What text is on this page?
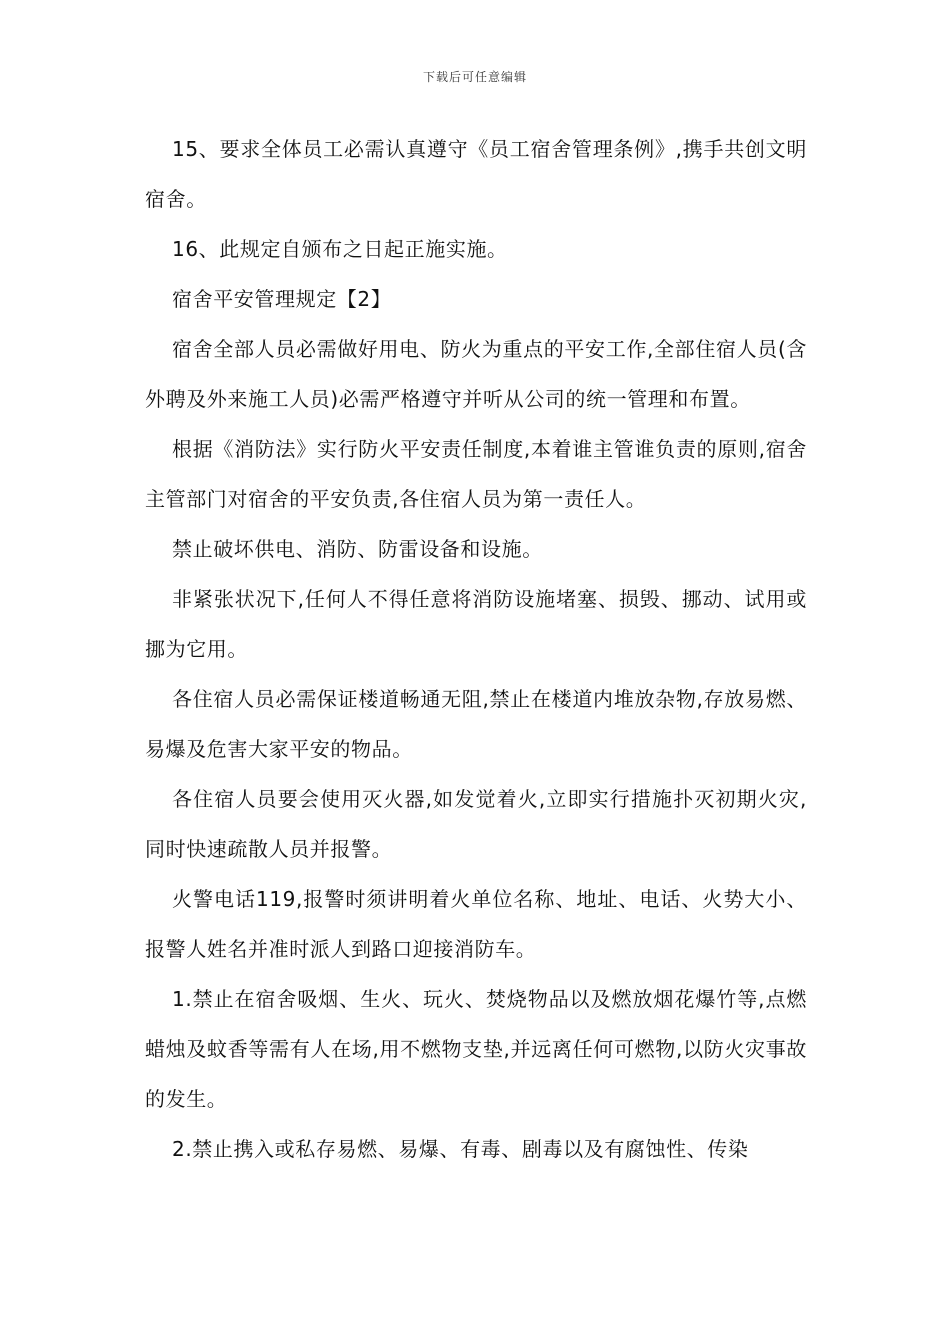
下载后可任意编辑

15、要求全体员工必需认真遵守《员工宿舍管理条例》,携手共创文明宿舍。

16、此规定自颁布之日起正施实施。

宿舍平安管理规定【2】

宿舍全部人员必需做好用电、防火为重点的平安工作,全部住宿人员(含外聘及外来施工人员)必需严格遵守并听从公司的统一管理和布置。

根据《消防法》实行防火平安责任制度,本着谁主管谁负责的原则,宿舍主管部门对宿舍的平安负责,各住宿人员为第一责任人。

禁止破坏供电、消防、防雷设备和设施。

非紧张状况下,任何人不得任意将消防设施堵塞、损毁、挪动、试用或挪为它用。

各住宿人员必需保证楼道畅通无阻,禁止在楼道内堆放杂物,存放易燃、易爆及危害大家平安的物品。

各住宿人员要会使用灭火器,如发觉着火,立即实行措施扑灭初期火灾,同时快速疏散人员并报警。

火警电话119,报警时须讲明着火单位名称、地址、电话、火势大小、报警人姓名并准时派人到路口迎接消防车。

1.禁止在宿舍吸烟、生火、玩火、焚烧物品以及燃放烟花爆竹等,点燃蜡烛及蚊香等需有人在场,用不燃物支垫,并远离任何可燃物,以防火灾事故的发生。

2.禁止携入或私存易燃、易爆、有毒、剧毒以及有腐蚀性、传染
